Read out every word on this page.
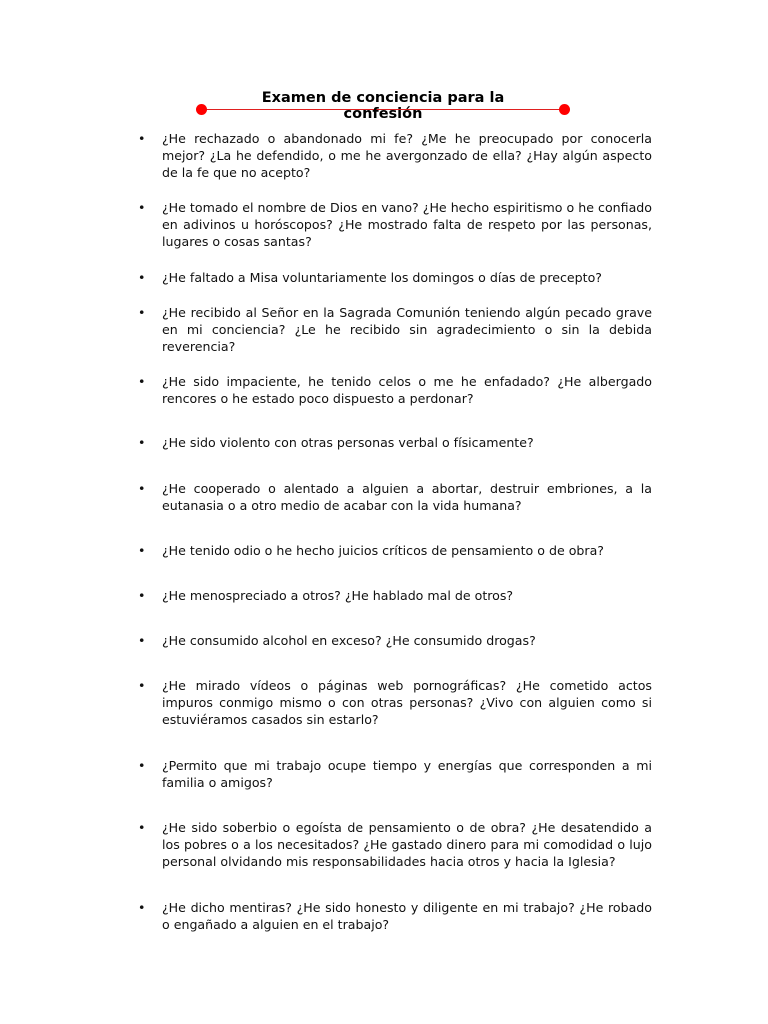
Examen de conciencia para la
confesión
• ¿He rechazado o abandonado mi fe? ¿Me he preocupado por conocerla mejor? ¿La he defendido, o me he avergonzado de ella? ¿Hay algún aspecto de la fe que no acepto?
• ¿He tomado el nombre de Dios en vano? ¿He hecho espiritismo o he confiado en adivinos u horóscopos? ¿He mostrado falta de respeto por las personas, lugares o cosas santas?
• ¿He faltado a Misa voluntariamente los domingos o días de precepto?
• ¿He recibido al Señor en la Sagrada Comunión teniendo algún pecado grave en mi conciencia? ¿Le he recibido sin agradecimiento o sin la debida reverencia?
• ¿He sido impaciente, he tenido celos o me he enfadado? ¿He albergado rencores o he estado poco dispuesto a perdonar?
• ¿He sido violento con otras personas verbal o físicamente?
• ¿He cooperado o alentado a alguien a abortar, destruir embriones, a la eutanasia o a otro medio de acabar con la vida humana?
• ¿He tenido odio o he hecho juicios críticos de pensamiento o de obra?
• ¿He menospreciado a otros? ¿He hablado mal de otros?
• ¿He consumido alcohol en exceso? ¿He consumido drogas?
• ¿He mirado vídeos o páginas web pornográficas? ¿He cometido actos impuros conmigo mismo o con otras personas? ¿Vivo con alguien como si estuviéramos casados sin estarlo?
• ¿Permito que mi trabajo ocupe tiempo y energías que corresponden a mi familia o amigos?
• ¿He sido soberbio o egoísta de pensamiento o de obra? ¿He desatendido a los pobres o a los necesitados? ¿He gastado dinero para mi comodidad o lujo personal olvidando mis responsabilidades hacia otros y hacia la Iglesia?
• ¿He dicho mentiras? ¿He sido honesto y diligente en mi trabajo? ¿He robado o engañado a alguien en el trabajo?
